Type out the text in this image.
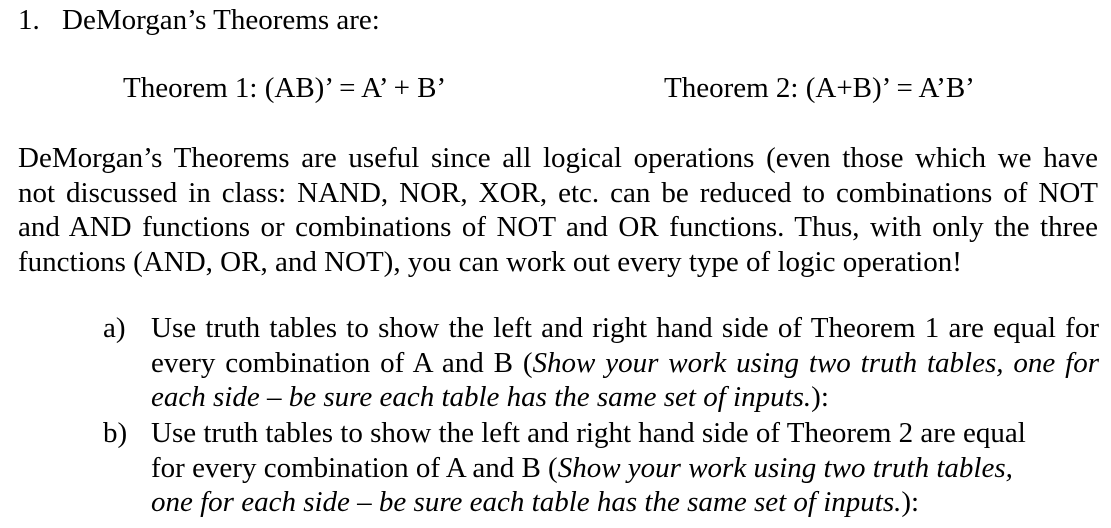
1. DeMorgan’s Theorems are:
Theorem 1: (AB)’ = A’ + B’	Theorem 2: (A+B)’ = A’B’
DeMorgan’s Theorems are useful since all logical operations (even those which we have
not discussed in class: NAND, NOR, XOR, etc. can be reduced to combinations of NOT
and AND functions or combinations of NOT and OR functions. Thus, with only the three
functions (AND, OR, and NOT), you can work out every type of logic operation!
a) Use truth tables to show the left and right hand side of Theorem 1 are equal for
every combination of A and B (Show your work using two truth tables, one for
each side – be sure each table has the same set of inputs.):
b) Use truth tables to show the left and right hand side of Theorem 2 are equal
for every combination of A and B (Show your work using two truth tables,
one for each side – be sure each table has the same set of inputs.):
